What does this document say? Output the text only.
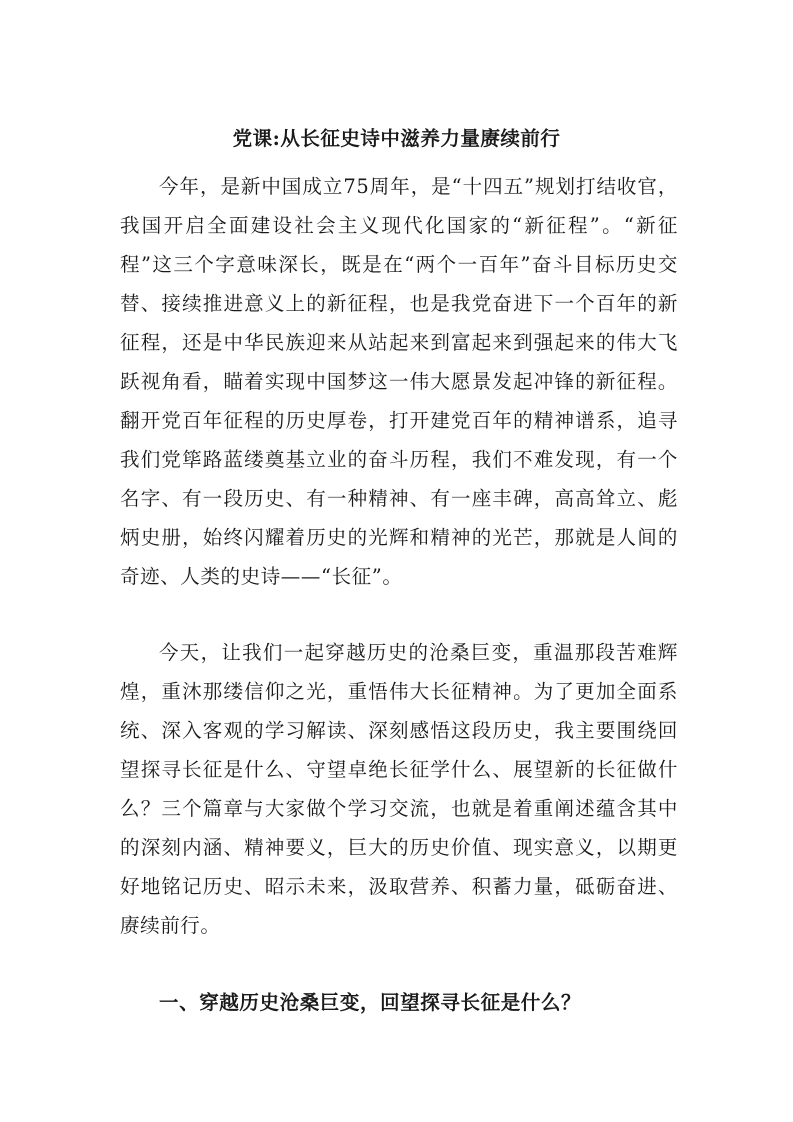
党课:从长征史诗中滋养力量赓续前行

今年，是新中国成立75周年，是“十四五”规划打结收官，我国开启全面建设社会主义现代化国家的“新征程”。“新征程”这三个字意味深长，既是在“两个一百年”奋斗目标历史交替、接续推进意义上的新征程，也是我党奋进下一个百年的新征程，还是中华民族迎来从站起来到富起来到强起来的伟大飞跃视角看，瞄着实现中国梦这一伟大愿景发起冲锋的新征程。翻开党百年征程的历史厚卷，打开建党百年的精神谱系，追寻我们党筚路蓝缕奠基立业的奋斗历程，我们不难发现，有一个名字、有一段历史、有一种精神、有一座丰碑，高高耸立、彪炳史册，始终闪耀着历史的光辉和精神的光芒，那就是人间的奇迹、人类的史诗——“长征”。

今天，让我们一起穿越历史的沧桑巨变，重温那段苦难辉煌，重沐那缕信仰之光，重悟伟大长征精神。为了更加全面系统、深入客观的学习解读、深刻感悟这段历史，我主要围绕回望探寻长征是什么、守望卓绝长征学什么、展望新的长征做什么？三个篇章与大家做个学习交流，也就是着重阐述蕴含其中的深刻内涵、精神要义，巨大的历史价值、现实意义，以期更好地铭记历史、昭示未来，汲取营养、积蓄力量，砥砺奋进、赓续前行。

一、穿越历史沧桑巨变，回望探寻长征是什么？
